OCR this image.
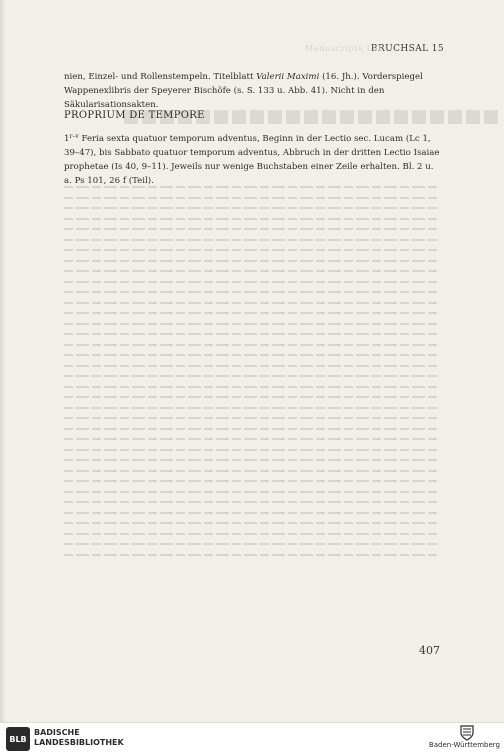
Manuscripta Lat
BRUCHSAL 15
nien, Einzel- und Rollenstempeln. Titelblatt Valerii Maximi (16. Jh.). Vorderspiegel Wappenexlibris der Speyerer Bischöfe (s. S. 133 u. Abb. 41). Nicht in den Säkularisationsakten.
PROPRIUM DE TEMPORE
1$^{r-v}$ Feria sexta quatuor temporum adventus, Beginn in der Lectio sec. Lucam (Lc 1, 39–47), bis Sabbato quatuor temporum adventus, Abbruch in der dritten Lectio Isaiae prophetae (Is 40, 9–11). Jeweils nur wenige Buchstaben einer Zeile erhalten. Bl. 2 u. a. Ps 101, 26 f (Teil).
407
BLB
BADISCHE
LANDESBIBLIOTHEK	Baden-Württemberg
